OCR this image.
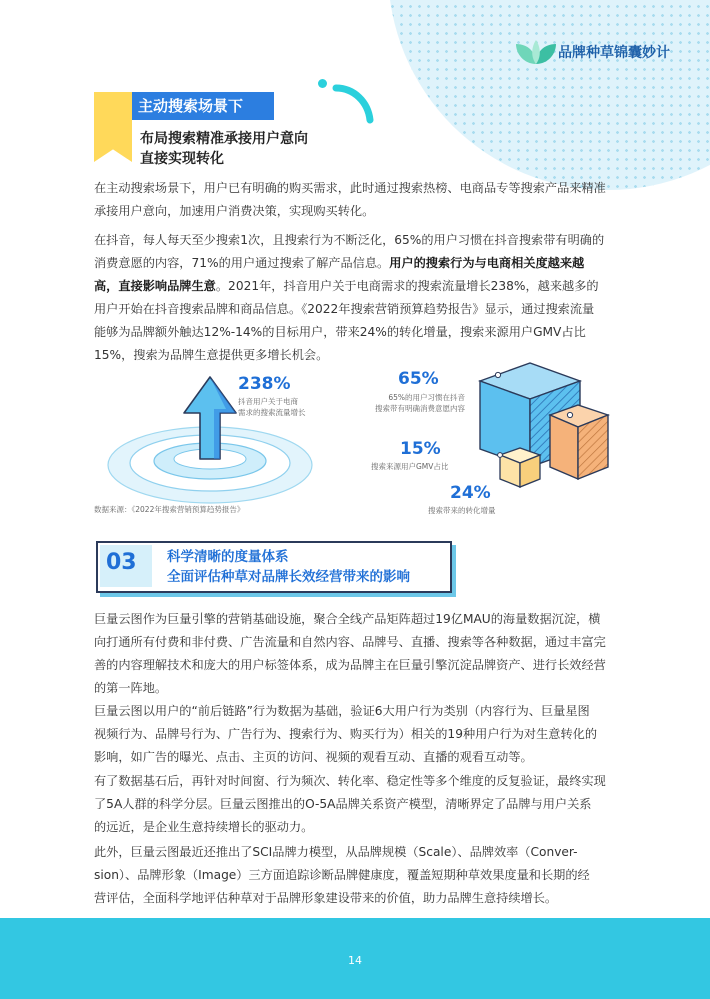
品牌种草锦囊妙计
主动搜索场景下
布局搜索精准承接用户意向
直接实现转化
在主动搜索场景下，用户已有明确的购买需求，此时通过搜索热榜、电商品专等搜索产品来精准
承接用户意向，加速用户消费决策，实现购买转化。
在抖音，每人每天至少搜索1次，且搜索行为不断泛化，65%的用户习惯在抖音搜索带有明确的
消费意愿的内容，71%的用户通过搜索了解产品信息。用户的搜索行为与电商相关度越来越
高，直接影响品牌生意。2021年，抖音用户关于电商需求的搜索流量增长238%，越来越多的
用户开始在抖音搜索品牌和商品信息。《2022年搜索营销预算趋势报告》显示，通过搜索流量
能够为品牌额外触达12%-14%的目标用户，带来24%的转化增量，搜索来源用户GMV占比
15%，搜索为品牌生意提供更多增长机会。
238%
抖音用户关于电商
需求的搜索流量增长
65%
65%的用户习惯在抖音
搜索带有明确消费意愿内容
15%
搜索来源用户GMV占比
24%
搜索带来的转化增量
数据来源：《2022年搜索营销预算趋势报告》
03 科学清晰的度量体系
全面评估种草对品牌长效经营带来的影响
巨量云图作为巨量引擎的营销基础设施，聚合全线产品矩阵超过19亿MAU的海量数据沉淀，横
向打通所有付费和非付费、广告流量和自然内容、品牌号、直播、搜索等各种数据，通过丰富完
善的内容理解技术和庞大的用户标签体系，成为品牌主在巨量引擎沉淀品牌资产、进行长效经营
的第一阵地。
巨量云图以用户的“前后链路”行为数据为基础，验证6大用户行为类别（内容行为、巨量星图
视频行为、品牌号行为、广告行为、搜索行为、购买行为）相关的19种用户行为对生意转化的
影响，如广告的曝光、点击、主页的访问、视频的观看互动、直播的观看互动等。
有了数据基石后，再针对时间窗、行为频次、转化率、稳定性等多个维度的反复验证，最终实现
了5A人群的科学分层。巨量云图推出的O-5A品牌关系资产模型，清晰界定了品牌与用户关系
的远近，是企业生意持续增长的驱动力。
此外，巨量云图最近还推出了SCI品牌力模型，从品牌规模（Scale）、品牌效率（Conver-
sion）、品牌形象（Image）三方面追踪诊断品牌健康度，覆盖短期种草效果度量和长期的经
营评估，全面科学地评估种草对于品牌形象建设带来的价值，助力品牌生意持续增长。
14
